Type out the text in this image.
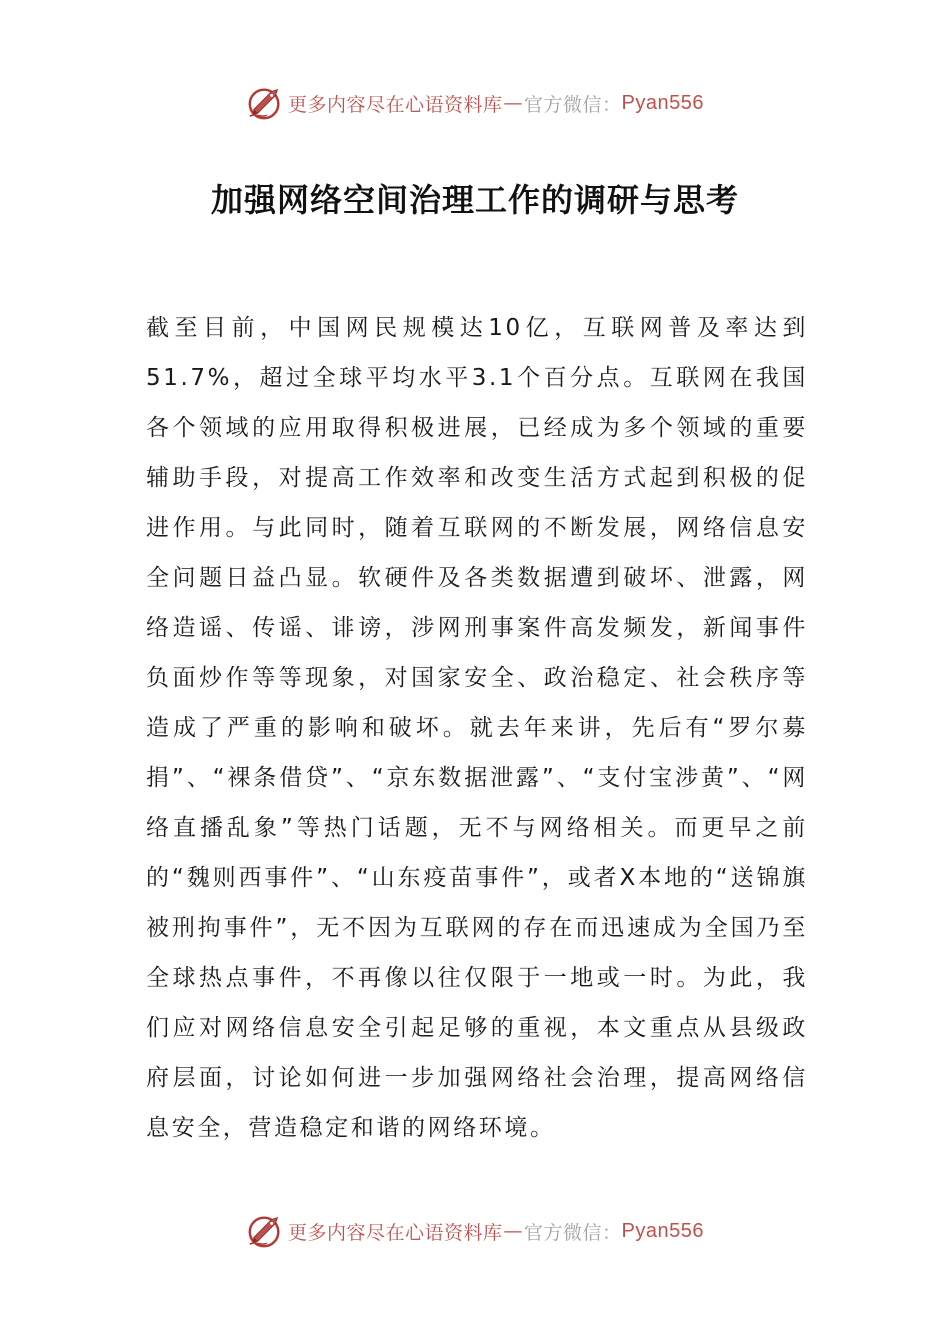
更多内容尽在心语资料库 — 官方微信： Pyan556
加强网络空间治理工作的调研与思考

截至目前，中国网民规模达10亿，互联网普及率达到51.7%，超过全球平均水平3.1个百分点。互联网在我国各个领域的应用取得积极进展，已经成为多个领域的重要辅助手段，对提高工作效率和改变生活方式起到积极的促进作用。与此同时，随着互联网的不断发展，网络信息安全问题日益凸显。软硬件及各类数据遭到破坏、泄露，网络造谣、传谣、诽谤，涉网刑事案件高发频发，新闻事件负面炒作等等现象，对国家安全、政治稳定、社会秩序等造成了严重的影响和破坏。就去年来讲，先后有“罗尔募捐”、“裸条借贷”、“京东数据泄露”、“支付宝涉黄”、“网络直播乱象”等热门话题，无不与网络相关。而更早之前的“魏则西事件”、“山东疫苗事件”，或者X本地的“送锦旗被刑拘事件”，无不因为互联网的存在而迅速成为全国乃至全球热点事件，不再像以往仅限于一地或一时。为此，我们应对网络信息安全引起足够的重视，本文重点从县级政府层面，讨论如何进一步加强网络社会治理，提高网络信息安全，营造稳定和谐的网络环境。

更多内容尽在心语资料库 — 官方微信： Pyan556
